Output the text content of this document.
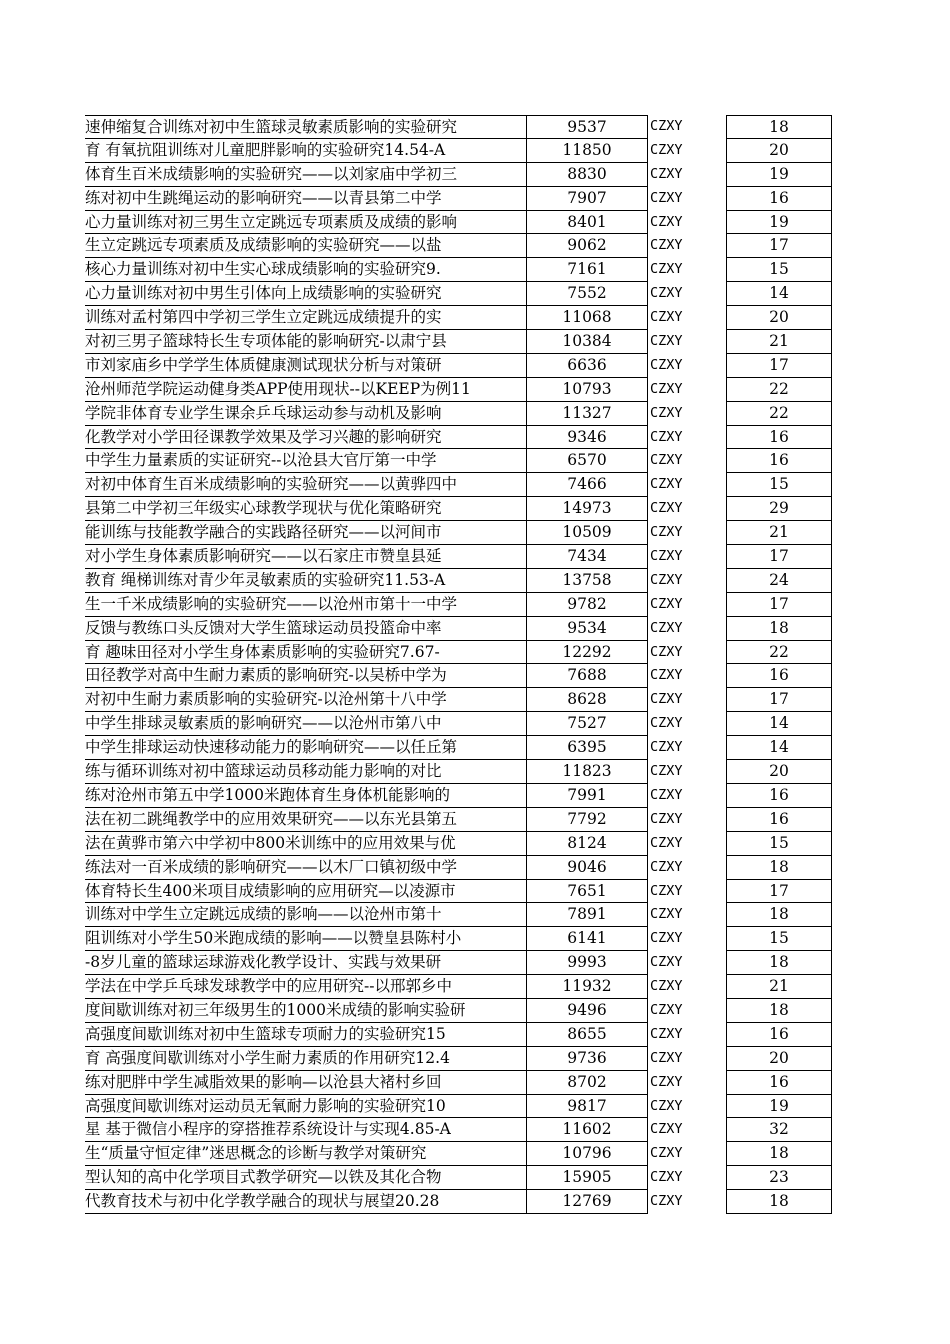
速伸缩复合训练对初中生篮球灵敏素质影响的实验研究	9537	CZXY	18
育 有氧抗阻训练对儿童肥胖影响的实验研究14.54-A	11850	CZXY	20
体育生百米成绩影响的实验研究——以刘家庙中学初三	8830	CZXY	19
练对初中生跳绳运动的影响研究——以青县第二中学	7907	CZXY	16
心力量训练对初三男生立定跳远专项素质及成绩的影响	8401	CZXY	19
生立定跳远专项素质及成绩影响的实验研究——以盐	9062	CZXY	17
核心力量训练对初中生实心球成绩影响的实验研究9.	7161	CZXY	15
心力量训练对初中男生引体向上成绩影响的实验研究	7552	CZXY	14
训练对孟村第四中学初三学生立定跳远成绩提升的实	11068	CZXY	20
对初三男子篮球特长生专项体能的影响研究-以肃宁县	10384	CZXY	21
市刘家庙乡中学学生体质健康测试现状分析与对策研	6636	CZXY	17
沧州师范学院运动健身类APP使用现状--以KEEP为例11	10793	CZXY	22
学院非体育专业学生课余乒乓球运动参与动机及影响	11327	CZXY	22
化教学对小学田径课教学效果及学习兴趣的影响研究	9346	CZXY	16
中学生力量素质的实证研究--以沧县大官厅第一中学	6570	CZXY	16
对初中体育生百米成绩影响的实验研究——以黄骅四中	7466	CZXY	15
县第二中学初三年级实心球教学现状与优化策略研究	14973	CZXY	29
能训练与技能教学融合的实践路径研究——以河间市	10509	CZXY	21
对小学生身体素质影响研究——以石家庄市赞皇县延	7434	CZXY	17
教育 绳梯训练对青少年灵敏素质的实验研究11.53-A	13758	CZXY	24
生一千米成绩影响的实验研究——以沧州市第十一中学	9782	CZXY	17
反馈与教练口头反馈对大学生篮球运动员投篮命中率	9534	CZXY	18
育 趣味田径对小学生身体素质影响的实验研究7.67-	12292	CZXY	22
田径教学对高中生耐力素质的影响研究-以吴桥中学为	7688	CZXY	16
对初中生耐力素质影响的实验研究-以沧州第十八中学	8628	CZXY	17
中学生排球灵敏素质的影响研究——以沧州市第八中	7527	CZXY	14
中学生排球运动快速移动能力的影响研究——以任丘第	6395	CZXY	14
练与循环训练对初中篮球运动员移动能力影响的对比	11823	CZXY	20
练对沧州市第五中学1000米跑体育生身体机能影响的	7991	CZXY	16
法在初二跳绳教学中的应用效果研究——以东光县第五	7792	CZXY	16
法在黄骅市第六中学初中800米训练中的应用效果与优	8124	CZXY	15
练法对一百米成绩的影响研究——以木厂口镇初级中学	9046	CZXY	18
体育特长生400米项目成绩影响的应用研究—以凌源市	7651	CZXY	17
训练对中学生立定跳远成绩的影响——以沧州市第十	7891	CZXY	18
阻训练对小学生50米跑成绩的影响——以赞皇县陈村小	6141	CZXY	15
-8岁儿童的篮球运球游戏化教学设计、实践与效果研	9993	CZXY	18
学法在中学乒乓球发球教学中的应用研究--以邢郭乡中	11932	CZXY	21
度间歇训练对初三年级男生的1000米成绩的影响实验研	9496	CZXY	18
高强度间歇训练对初中生篮球专项耐力的实验研究15	8655	CZXY	16
育 高强度间歇训练对小学生耐力素质的作用研究12.4	9736	CZXY	20
练对肥胖中学生减脂效果的影响—以沧县大褚村乡回	8702	CZXY	16
高强度间歇训练对运动员无氧耐力影响的实验研究10	9817	CZXY	19
星 基于微信小程序的穿搭推荐系统设计与实现4.85-A	11602	CZXY	32
生“质量守恒定律”迷思概念的诊断与教学对策研究	10796	CZXY	18
型认知的高中化学项目式教学研究—以铁及其化合物	15905	CZXY	23
代教育技术与初中化学教学融合的现状与展望20.28	12769	CZXY	18
